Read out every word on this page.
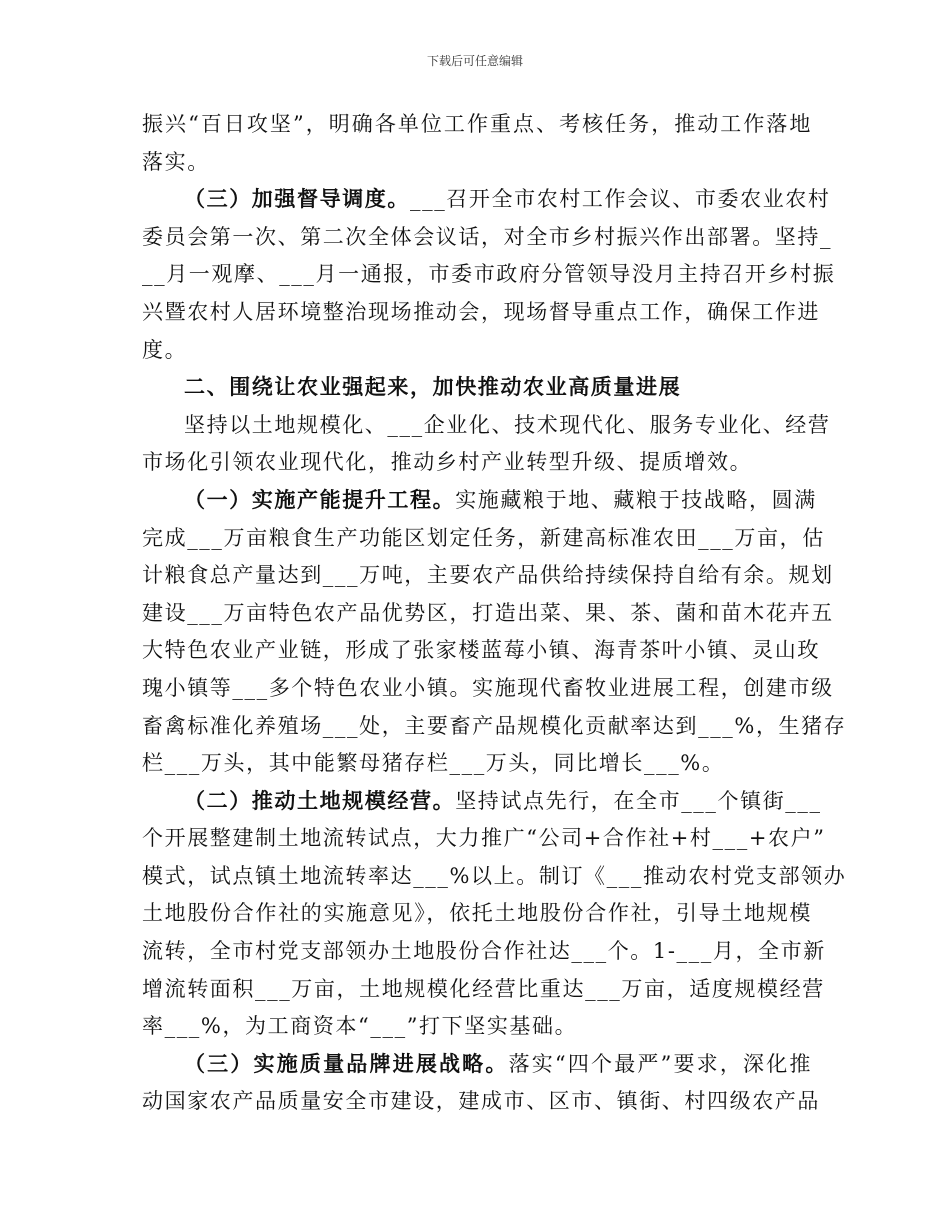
下载后可任意编辑
振兴“百日攻坚”，明确各单位工作重点、考核任务，推动工作落地
落实。
（三）加强督导调度。___召开全市农村工作会议、市委农业农村
委员会第一次、第二次全体会议话，对全市乡村振兴作出部署。坚持_
__月一观摩、___月一通报，市委市政府分管领导没月主持召开乡村振
兴暨农村人居环境整治现场推动会，现场督导重点工作，确保工作进
度。
二、围绕让农业强起来，加快推动农业高质量进展
坚持以土地规模化、___企业化、技术现代化、服务专业化、经营
市场化引领农业现代化，推动乡村产业转型升级、提质增效。
（一）实施产能提升工程。实施藏粮于地、藏粮于技战略，圆满
完成___万亩粮食生产功能区划定任务，新建高标准农田___万亩，估
计粮食总产量达到___万吨，主要农产品供给持续保持自给有余。规划
建设___万亩特色农产品优势区，打造出菜、果、茶、菌和苗木花卉五
大特色农业产业链，形成了张家楼蓝莓小镇、海青茶叶小镇、灵山玫
瑰小镇等___多个特色农业小镇。实施现代畜牧业进展工程，创建市级
畜禽标准化养殖场___处，主要畜产品规模化贡献率达到___%，生猪存
栏___万头，其中能繁母猪存栏___万头，同比增长___%。
（二）推动土地规模经营。坚持试点先行，在全市___个镇街___
个开展整建制土地流转试点，大力推广“公司+合作社+村___+农户”
模式，试点镇土地流转率达___%以上。制订《___推动农村党支部领办
土地股份合作社的实施意见》，依托土地股份合作社，引导土地规模
流转，全市村党支部领办土地股份合作社达___个。1-___月，全市新
增流转面积___万亩，土地规模化经营比重达___万亩，适度规模经营
率___%，为工商资本“___”打下坚实基础。
（三）实施质量品牌进展战略。落实“四个最严”要求，深化推
动国家农产品质量安全市建设，建成市、区市、镇街、村四级农产品
